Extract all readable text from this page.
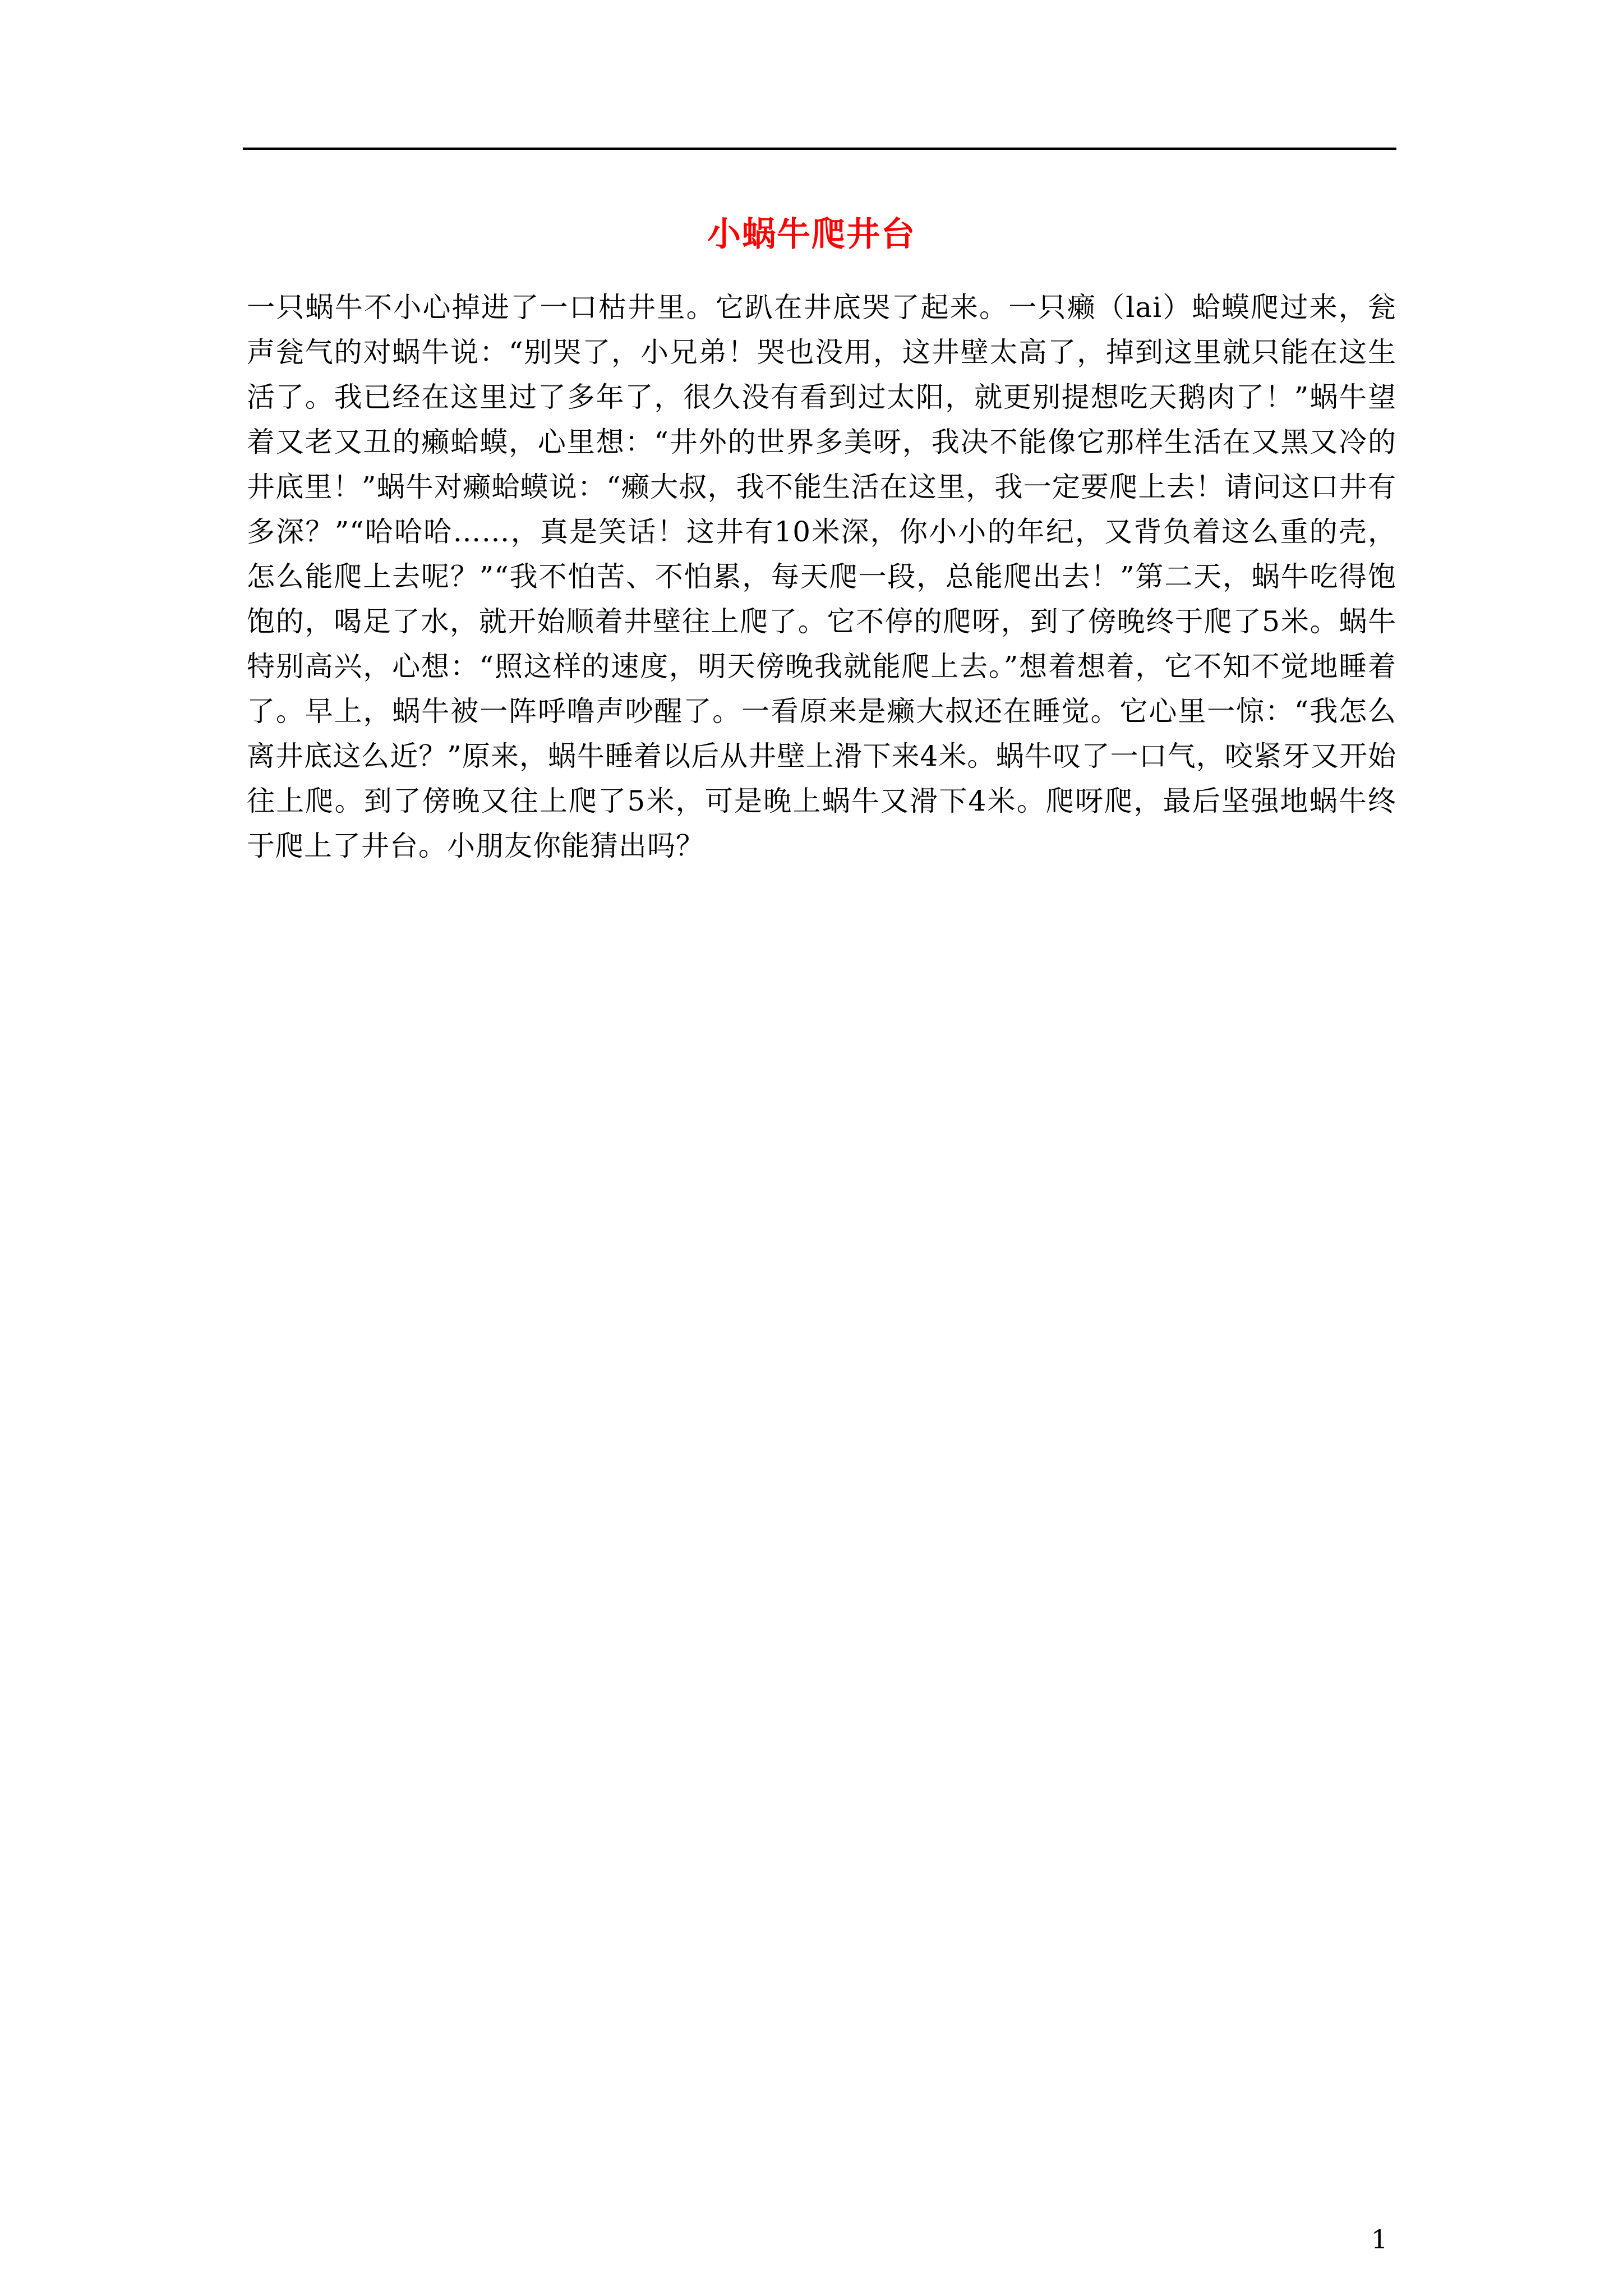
小蜗牛爬井台

一只蜗牛不小心掉进了一口枯井里。它趴在井底哭了起来。一只癞（lai）蛤蟆爬过来，瓮声瓮气的对蜗牛说：“别哭了，小兄弟！哭也没用，这井壁太高了，掉到这里就只能在这生活了。我已经在这里过了多年了，很久没有看到过太阳，就更别提想吃天鹅肉了！”蜗牛望着又老又丑的癞蛤蟆，心里想：“井外的世界多美呀，我决不能像它那样生活在又黑又冷的井底里！”蜗牛对癞蛤蟆说：“癞大叔，我不能生活在这里，我一定要爬上去！请问这口井有多深？”“哈哈哈……，真是笑话！这井有10米深，你小小的年纪，又背负着这么重的壳，怎么能爬上去呢？”“我不怕苦、不怕累，每天爬一段，总能爬出去！”第二天，蜗牛吃得饱饱的，喝足了水，就开始顺着井壁往上爬了。它不停的爬呀，到了傍晚终于爬了5米。蜗牛特别高兴，心想：“照这样的速度，明天傍晚我就能爬上去。”想着想着，它不知不觉地睡着了。早上，蜗牛被一阵呼噜声吵醒了。一看原来是癞大叔还在睡觉。它心里一惊：“我怎么离井底这么近？”原来，蜗牛睡着以后从井壁上滑下来4米。蜗牛叹了一口气，咬紧牙又开始往上爬。到了傍晚又往上爬了5米，可是晚上蜗牛又滑下4米。爬呀爬，最后坚强地蜗牛终于爬上了井台。小朋友你能猜出吗？

1
